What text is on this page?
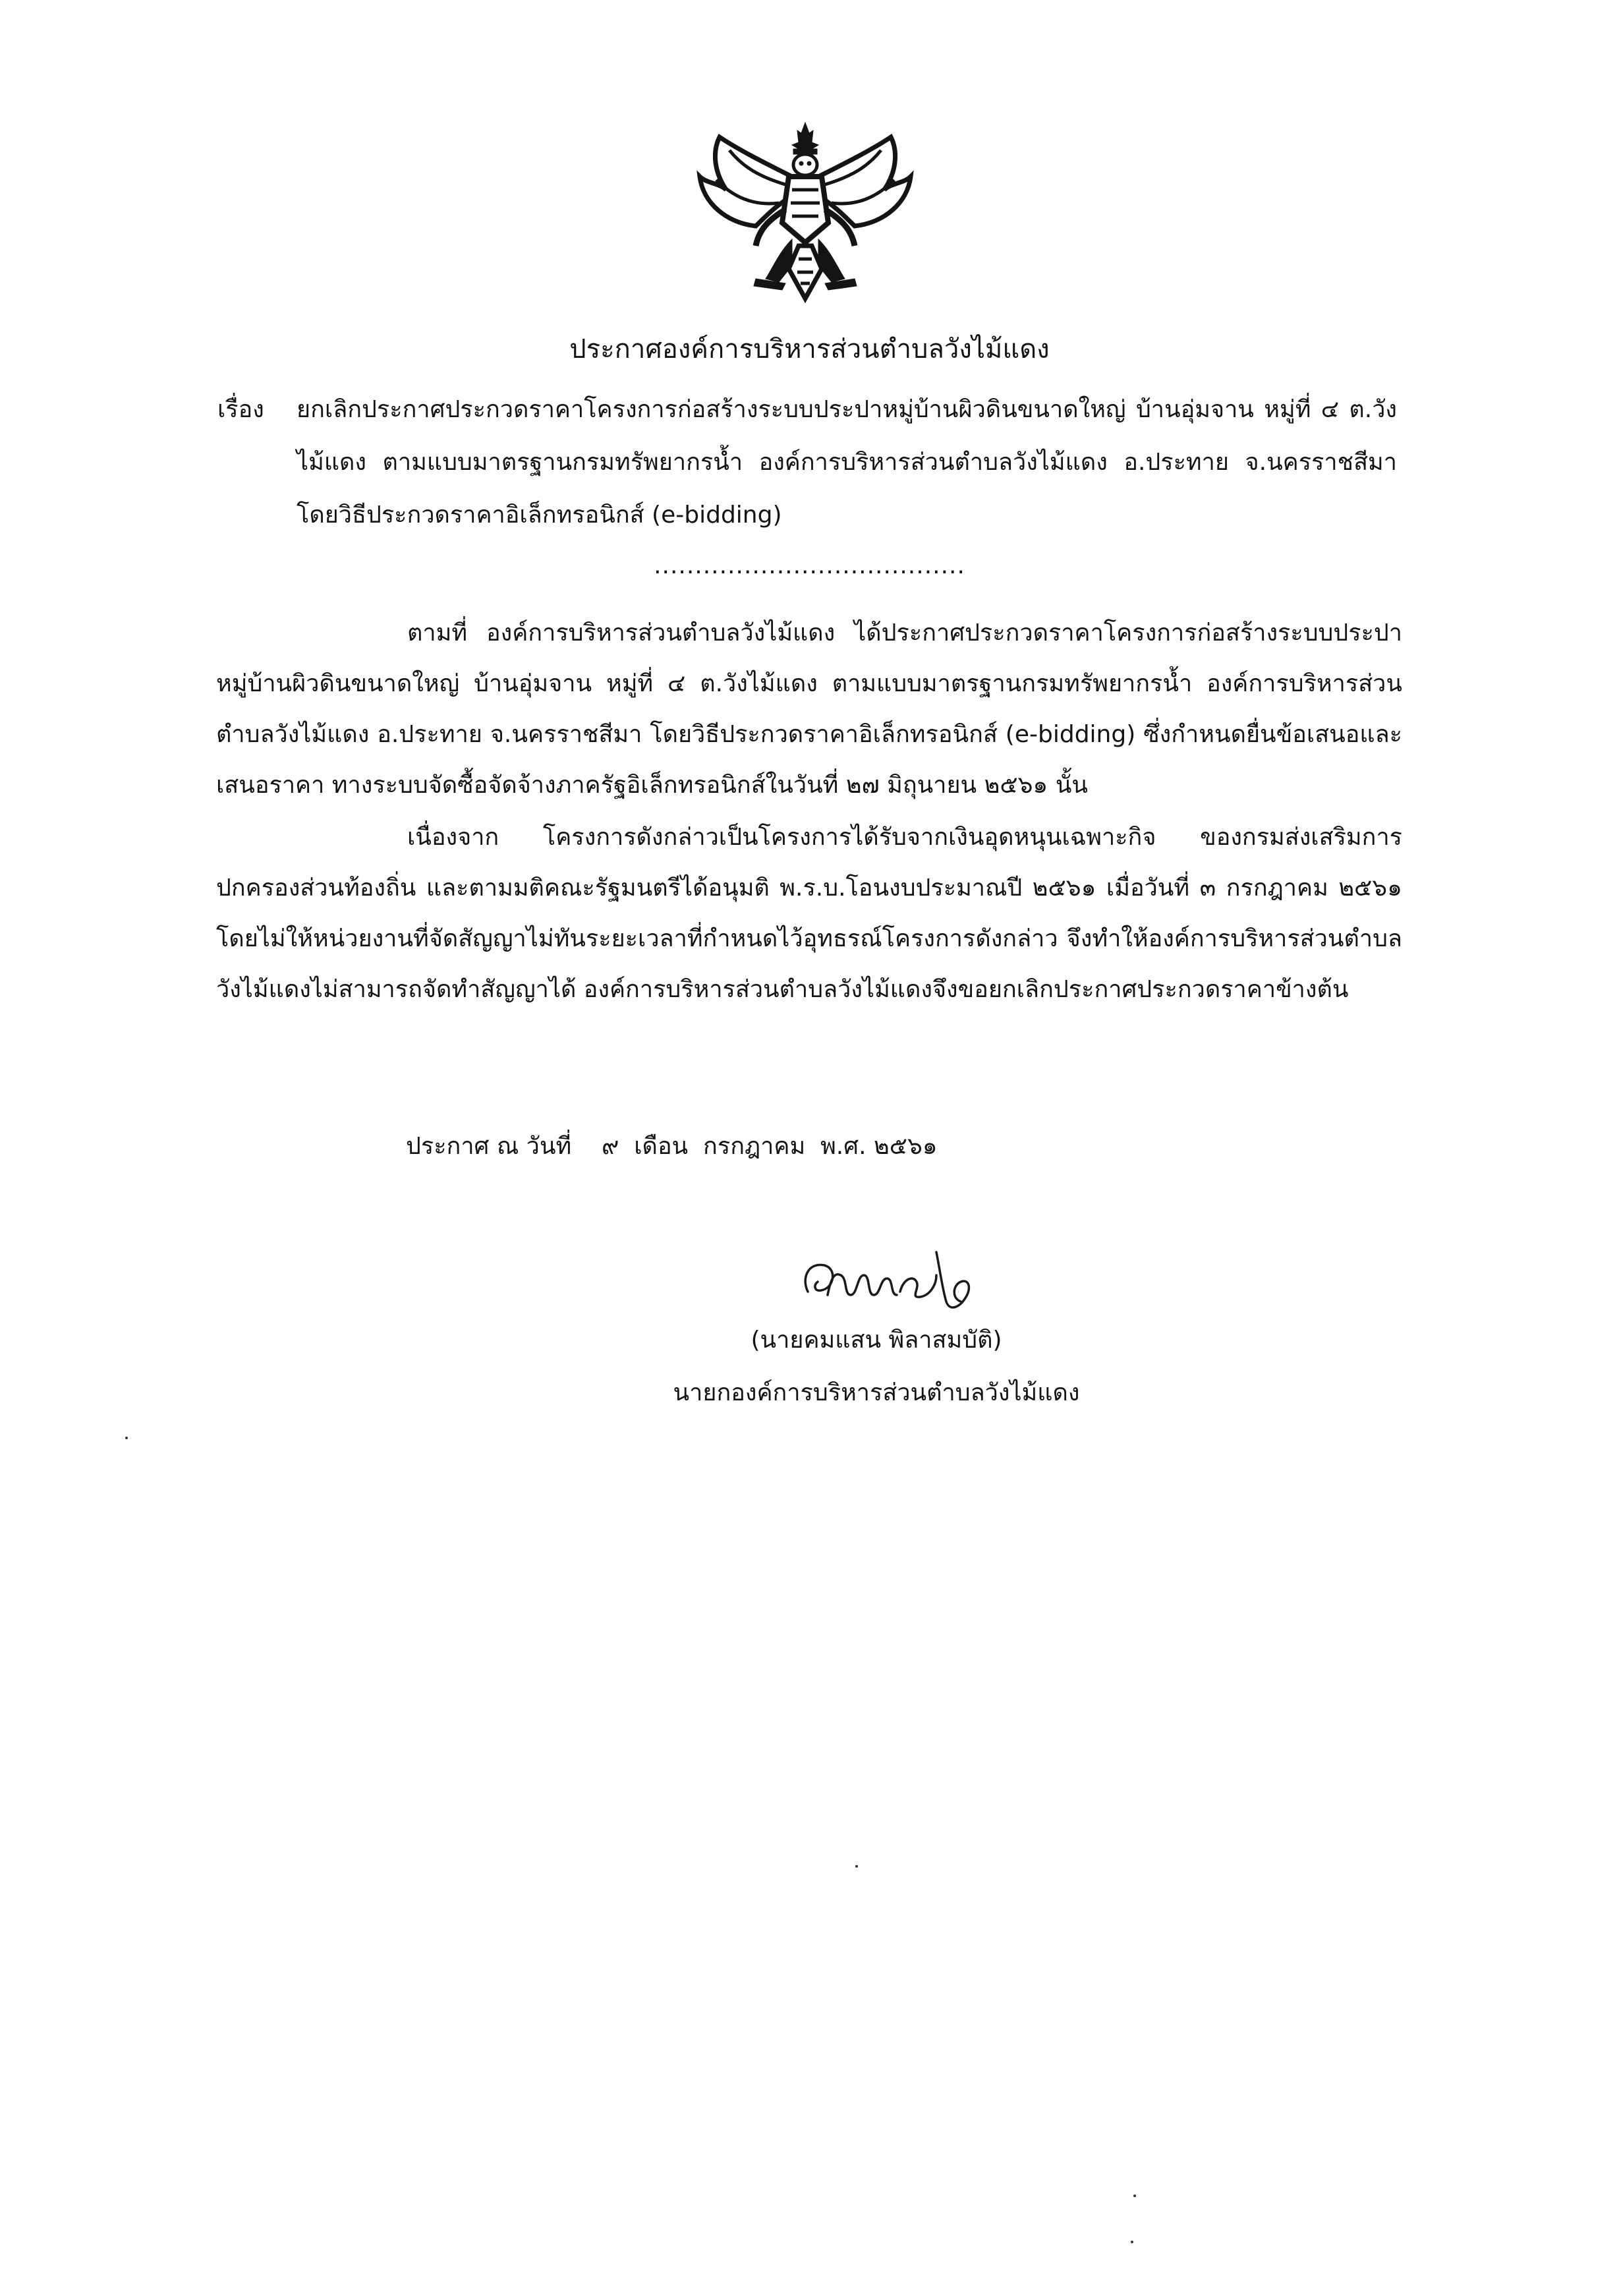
ประกาศองค์การบริหารส่วนตำบลวังไม้แดง
เรื่อง ยกเลิกประกาศประกวดราคาโครงการก่อสร้างระบบประปาหมู่บ้านผิวดินขนาดใหญ่ บ้านอุ่มจาน หมู่ที่ ๔ ต.วังไม้แดง ตามแบบมาตรฐานกรมทรัพยากรน้ำ องค์การบริหารส่วนตำบลวังไม้แดง อ.ประทาย จ.นครราชสีมา โดยวิธีประกวดราคาอิเล็กทรอนิกส์ (e-bidding)
......................................

ตามที่ องค์การบริหารส่วนตำบลวังไม้แดง ได้ประกาศประกวดราคาโครงการก่อสร้างระบบประปาหมู่บ้านผิวดินขนาดใหญ่ บ้านอุ่มจาน หมู่ที่ ๔ ต.วังไม้แดง ตามแบบมาตรฐานกรมทรัพยากรน้ำ องค์การบริหารส่วนตำบลวังไม้แดง อ.ประทาย จ.นครราชสีมา โดยวิธีประกวดราคาอิเล็กทรอนิกส์ (e-bidding) ซึ่งกำหนดยื่นข้อเสนอและเสนอราคา ทางระบบจัดซื้อจัดจ้างภาครัฐอิเล็กทรอนิกส์ในวันที่ ๒๗ มิถุนายน ๒๕๖๑ นั้น

เนื่องจาก โครงการดังกล่าวเป็นโครงการได้รับจากเงินอุดหนุนเฉพาะกิจ ของกรมส่งเสริมการปกครองส่วนท้องถิ่น และตามมติคณะรัฐมนตรีได้อนุมติ พ.ร.บ.โอนงบประมาณปี ๒๕๖๑ เมื่อวันที่ ๓ กรกฎาคม ๒๕๖๑ โดยไม่ให้หน่วยงานที่จัดสัญญาไม่ทันระยะเวลาที่กำหนดไว้อุทธรณ์โครงการดังกล่าว จึงทำให้องค์การบริหารส่วนตำบลวังไม้แดงไม่สามารถจัดทำสัญญาได้ องค์การบริหารส่วนตำบลวังไม้แดงจึงขอยกเลิกประกาศประกวดราคาข้างต้น

ประกาศ ณ วันที่    ๙  เดือน  กรกฎาคม  พ.ศ. ๒๕๖๑
(นายคมแสน พิลาสมบัติ)
นายกองค์การบริหารส่วนตำบลวังไม้แดง
